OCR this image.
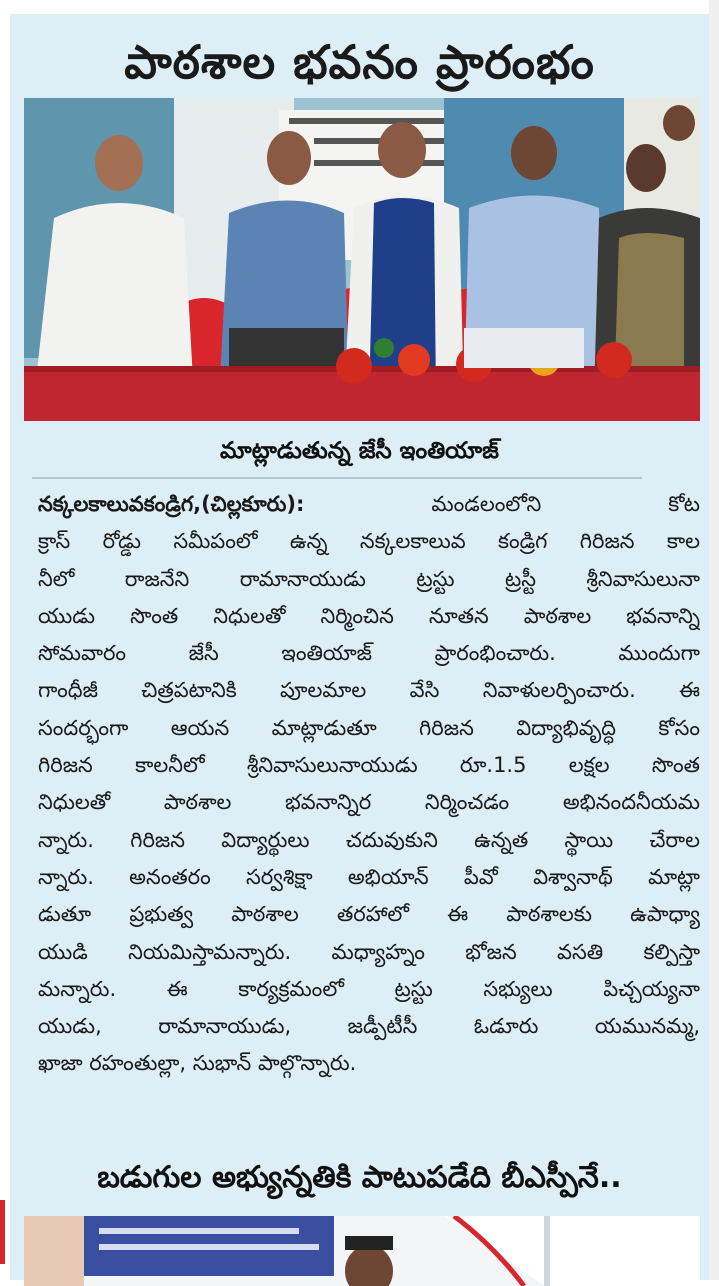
పాఠశాల భవనం ప్రారంభం
మాట్లాడుతున్న జేసీ ఇంతియాజ్
నక్కలకాలువకండ్రిగ,(చిల్లకూరు):	మండలంలోని కోట
క్రాస్ రోడ్డు సమీపంలో ఉన్న నక్కలకాలువ కండ్రిగ గిరిజన కాల
నీలో రాజనేని రామానాయుడు ట్రస్టు ట్రస్టీ శ్రీనివాసులునా
యుడు సొంత నిధులతో నిర్మించిన నూతన పాఠశాల భవనాన్ని
సోమవారం జేసీ ఇంతియాజ్ ప్రారంభించారు. ముందుగా
గాంధీజీ చిత్రపటానికి పూలమాల వేసి నివాళులర్పించారు. ఈ
సందర్భంగా ఆయన మాట్లాడుతూ గిరిజన విద్యాభివృద్ధి కోసం
గిరిజన కాలనీలో శ్రీనివాసులునాయుడు రూ.1.5 లక్షల సొంత
నిధులతో పాఠశాల భవనాన్నిర నిర్మించడం అభినందనీయమ
న్నారు. గిరిజన విద్యార్థులు చదువుకుని ఉన్నత స్థాయి చేరాల
న్నారు. అనంతరం సర్వశిక్షా అభియాన్ పీవో విశ్వానాథ్ మాట్లా
డుతూ ప్రభుత్వ పాఠశాల తరహాలో ఈ పాఠశాలకు ఉపాధ్యా
యుడి నియమిస్తామన్నారు. మధ్యాహ్నం భోజన వసతి కల్పిస్తా
మన్నారు. ఈ కార్యక్రమంలో ట్రస్టు సభ్యులు పిచ్చయ్యనా
యుడు, రామానాయుడు, జడ్పీటీసీ ఓడూరు యమునమ్మ,
ఖాజా రహంతుల్లా, సుభాన్ పాల్గొన్నారు.
బడుగుల అభ్యున్నతికి పాటుపడేది బీఎస్పీనే..
